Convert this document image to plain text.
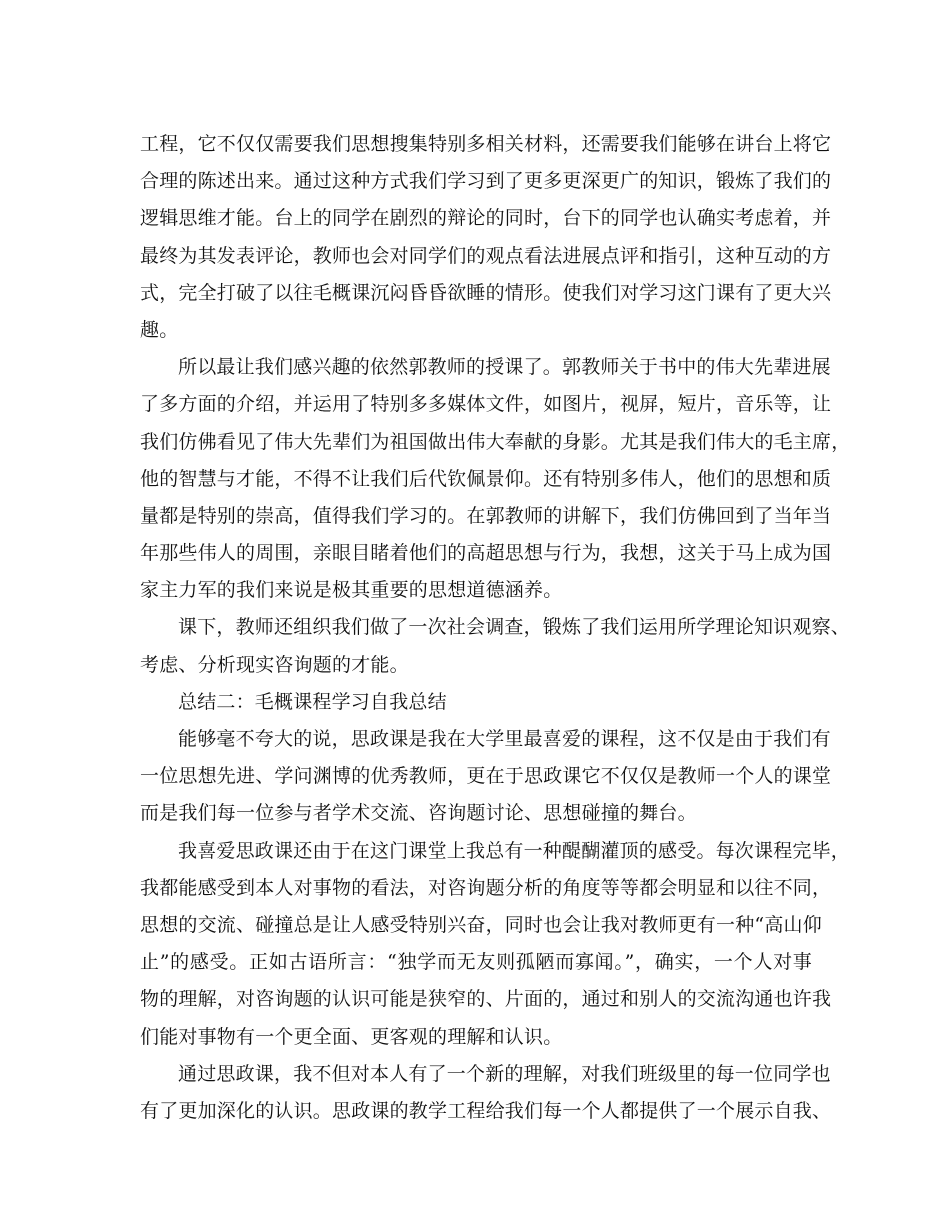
工程，它不仅仅需要我们思想搜集特别多相关材料，还需要我们能够在讲台上将它
合理的陈述出来。通过这种方式我们学习到了更多更深更广的知识，锻炼了我们的
逻辑思维才能。台上的同学在剧烈的辩论的同时，台下的同学也认确实考虑着，并
最终为其发表评论，教师也会对同学们的观点看法进展点评和指引，这种互动的方
式，完全打破了以往毛概课沉闷昏昏欲睡的情形。使我们对学习这门课有了更大兴
趣。
所以最让我们感兴趣的依然郭教师的授课了。郭教师关于书中的伟大先辈进展
了多方面的介绍，并运用了特别多多媒体文件，如图片，视屏，短片，音乐等，让
我们仿佛看见了伟大先辈们为祖国做出伟大奉献的身影。尤其是我们伟大的毛主席，
他的智慧与才能，不得不让我们后代钦佩景仰。还有特别多伟人，他们的思想和质
量都是特别的崇高，值得我们学习的。在郭教师的讲解下，我们仿佛回到了当年当
年那些伟人的周围，亲眼目睹着他们的高超思想与行为，我想，这关于马上成为国
家主力军的我们来说是极其重要的思想道德涵养。
课下，教师还组织我们做了一次社会调查，锻炼了我们运用所学理论知识观察、
考虑、分析现实咨询题的才能。
总结二：毛概课程学习自我总结
能够毫不夸大的说，思政课是我在大学里最喜爱的课程，这不仅是由于我们有
一位思想先进、学问渊博的优秀教师，更在于思政课它不仅仅是教师一个人的课堂
而是我们每一位参与者学术交流、咨询题讨论、思想碰撞的舞台。
我喜爱思政课还由于在这门课堂上我总有一种醍醐灌顶的感受。每次课程完毕，
我都能感受到本人对事物的看法，对咨询题分析的角度等等都会明显和以往不同，
思想的交流、碰撞总是让人感受特别兴奋，同时也会让我对教师更有一种“高山仰
止”的感受。正如古语所言：“独学而无友则孤陋而寡闻。”，确实，一个人对事
物的理解，对咨询题的认识可能是狭窄的、片面的，通过和别人的交流沟通也许我
们能对事物有一个更全面、更客观的理解和认识。
通过思政课，我不但对本人有了一个新的理解，对我们班级里的每一位同学也
有了更加深化的认识。思政课的教学工程给我们每一个人都提供了一个展示自我、
